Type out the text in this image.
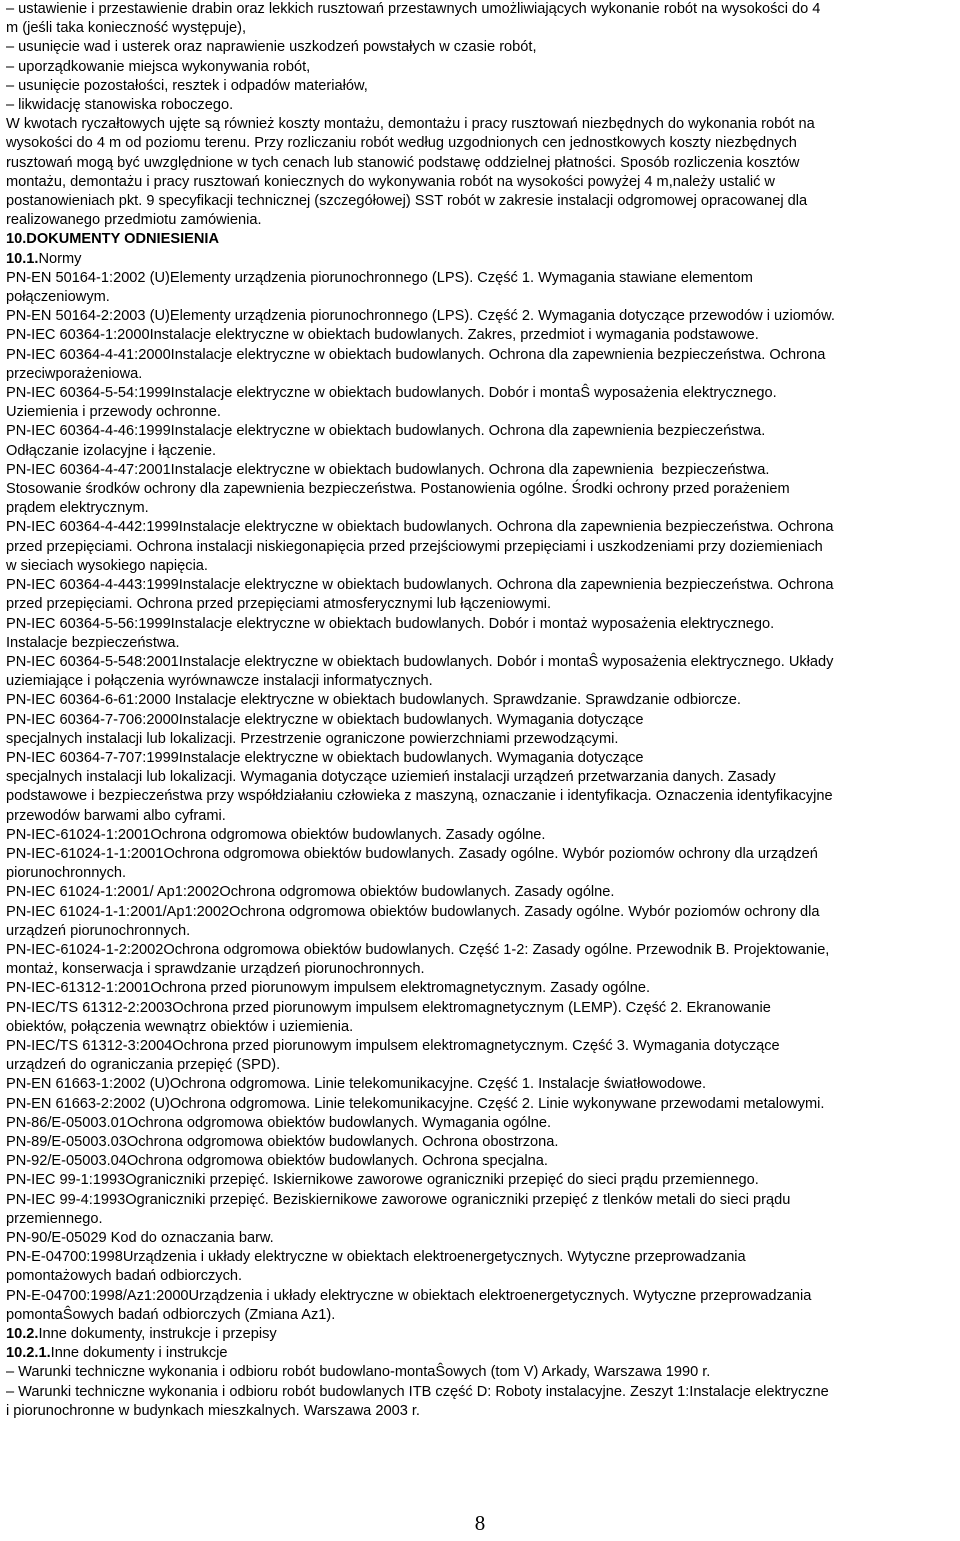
– ustawienie i przestawienie drabin oraz lekkich rusztowań przestawnych umożliwiających wykonanie robót na wysokości do 4
m (jeśli taka konieczność występuje),
– usunięcie wad i usterek oraz naprawienie uszkodzeń powstałych w czasie robót,
– uporządkowanie miejsca wykonywania robót,
– usunięcie pozostałości, resztek i odpadów materiałów,
– likwidację stanowiska roboczego.
W kwotach ryczałtowych ujęte są również koszty montażu, demontażu i pracy rusztowań niezbędnych do wykonania robót na
wysokości do 4 m od poziomu terenu. Przy rozliczaniu robót według uzgodnionych cen jednostkowych koszty niezbędnych
rusztowań mogą być uwzględnione w tych cenach lub stanowić podstawę oddzielnej płatności. Sposób rozliczenia kosztów
montażu, demontażu i pracy rusztowań koniecznych do wykonywania robót na wysokości powyżej 4 m,należy ustalić w
postanowieniach pkt. 9 specyfikacji technicznej (szczegółowej) SST robót w zakresie instalacji odgromowej opracowanej dla
realizowanego przedmiotu zamówienia.
10.DOKUMENTY ODNIESIENIA
10.1.Normy
PN-EN 50164-1:2002 (U)Elementy urządzenia piorunochronnego (LPS). Część 1. Wymagania stawiane elementom
połączeniowym.
PN-EN 50164-2:2003 (U)Elementy urządzenia piorunochronnego (LPS). Część 2. Wymagania dotyczące przewodów i uziomów.
PN-IEC 60364-1:2000Instalacje elektryczne w obiektach budowlanych. Zakres, przedmiot i wymagania podstawowe.
PN-IEC 60364-4-41:2000Instalacje elektryczne w obiektach budowlanych. Ochrona dla zapewnienia bezpieczeństwa. Ochrona
przeciwporażeniowa.
PN-IEC 60364-5-54:1999Instalacje elektryczne w obiektach budowlanych. Dobór i montaŜ wyposażenia elektrycznego.
Uziemienia i przewody ochronne.
PN-IEC 60364-4-46:1999Instalacje elektryczne w obiektach budowlanych. Ochrona dla zapewnienia bezpieczeństwa.
Odłączanie izolacyjne i łączenie.
PN-IEC 60364-4-47:2001Instalacje elektryczne w obiektach budowlanych. Ochrona dla zapewnienia  bezpieczeństwa.
Stosowanie środków ochrony dla zapewnienia bezpieczeństwa. Postanowienia ogólne. Środki ochrony przed porażeniem
prądem elektrycznym.
PN-IEC 60364-4-442:1999Instalacje elektryczne w obiektach budowlanych. Ochrona dla zapewnienia bezpieczeństwa. Ochrona
przed przepięciami. Ochrona instalacji niskiegonapięcia przed przejściowymi przepięciami i uszkodzeniami przy doziemieniach
w sieciach wysokiego napięcia.
PN-IEC 60364-4-443:1999Instalacje elektryczne w obiektach budowlanych. Ochrona dla zapewnienia bezpieczeństwa. Ochrona
przed przepięciami. Ochrona przed przepięciami atmosferycznymi lub łączeniowymi.
PN-IEC 60364-5-56:1999Instalacje elektryczne w obiektach budowlanych. Dobór i montaż wyposażenia elektrycznego.
Instalacje bezpieczeństwa.
PN-IEC 60364-5-548:2001Instalacje elektryczne w obiektach budowlanych. Dobór i montaŜ wyposażenia elektrycznego. Układy
uziemiające i połączenia wyrównawcze instalacji informatycznych.
PN-IEC 60364-6-61:2000 Instalacje elektryczne w obiektach budowlanych. Sprawdzanie. Sprawdzanie odbiorcze.
PN-IEC 60364-7-706:2000Instalacje elektryczne w obiektach budowlanych. Wymagania dotyczące
specjalnych instalacji lub lokalizacji. Przestrzenie ograniczone powierzchniami przewodzącymi.
PN-IEC 60364-7-707:1999Instalacje elektryczne w obiektach budowlanych. Wymagania dotyczące
specjalnych instalacji lub lokalizacji. Wymagania dotyczące uziemień instalacji urządzeń przetwarzania danych. Zasady
podstawowe i bezpieczeństwa przy współdziałaniu człowieka z maszyną, oznaczanie i identyfikacja. Oznaczenia identyfikacyjne
przewodów barwami albo cyframi.
PN-IEC-61024-1:2001Ochrona odgromowa obiektów budowlanych. Zasady ogólne.
PN-IEC-61024-1-1:2001Ochrona odgromowa obiektów budowlanych. Zasady ogólne. Wybór poziomów ochrony dla urządzeń
piorunochronnych.
PN-IEC 61024-1:2001/ Ap1:2002Ochrona odgromowa obiektów budowlanych. Zasady ogólne.
PN-IEC 61024-1-1:2001/Ap1:2002Ochrona odgromowa obiektów budowlanych. Zasady ogólne. Wybór poziomów ochrony dla
urządzeń piorunochronnych.
PN-IEC-61024-1-2:2002Ochrona odgromowa obiektów budowlanych. Część 1-2: Zasady ogólne. Przewodnik B. Projektowanie,
montaż, konserwacja i sprawdzanie urządzeń piorunochronnych.
PN-IEC-61312-1:2001Ochrona przed piorunowym impulsem elektromagnetycznym. Zasady ogólne.
PN-IEC/TS 61312-2:2003Ochrona przed piorunowym impulsem elektromagnetycznym (LEMP). Część 2. Ekranowanie
obiektów, połączenia wewnątrz obiektów i uziemienia.
PN-IEC/TS 61312-3:2004Ochrona przed piorunowym impulsem elektromagnetycznym. Część 3. Wymagania dotyczące
urządzeń do ograniczania przepięć (SPD).
PN-EN 61663-1:2002 (U)Ochrona odgromowa. Linie telekomunikacyjne. Część 1. Instalacje światłowodowe.
PN-EN 61663-2:2002 (U)Ochrona odgromowa. Linie telekomunikacyjne. Część 2. Linie wykonywane przewodami metalowymi.
PN-86/E-05003.01Ochrona odgromowa obiektów budowlanych. Wymagania ogólne.
PN-89/E-05003.03Ochrona odgromowa obiektów budowlanych. Ochrona obostrzona.
PN-92/E-05003.04Ochrona odgromowa obiektów budowlanych. Ochrona specjalna.
PN-IEC 99-1:1993Ograniczniki przepięć. Iskiernikowe zaworowe ograniczniki przepięć do sieci prądu przemiennego.
PN-IEC 99-4:1993Ograniczniki przepięć. Beziskiernikowe zaworowe ograniczniki przepięć z tlenków metali do sieci prądu
przemiennego.
PN-90/E-05029 Kod do oznaczania barw.
PN-E-04700:1998Urządzenia i układy elektryczne w obiektach elektroenergetycznych. Wytyczne przeprowadzania
pomontażowych badań odbiorczych.
PN-E-04700:1998/Az1:2000Urządzenia i układy elektryczne w obiektach elektroenergetycznych. Wytyczne przeprowadzania
pomontaŜowych badań odbiorczych (Zmiana Az1).
10.2.Inne dokumenty, instrukcje i przepisy
10.2.1.Inne dokumenty i instrukcje
– Warunki techniczne wykonania i odbioru robót budowlano-montaŜowych (tom V) Arkady, Warszawa 1990 r.
– Warunki techniczne wykonania i odbioru robót budowlanych ITB część D: Roboty instalacyjne. Zeszyt 1:Instalacje elektryczne
i piorunochronne w budynkach mieszkalnych. Warszawa 2003 r.
8
